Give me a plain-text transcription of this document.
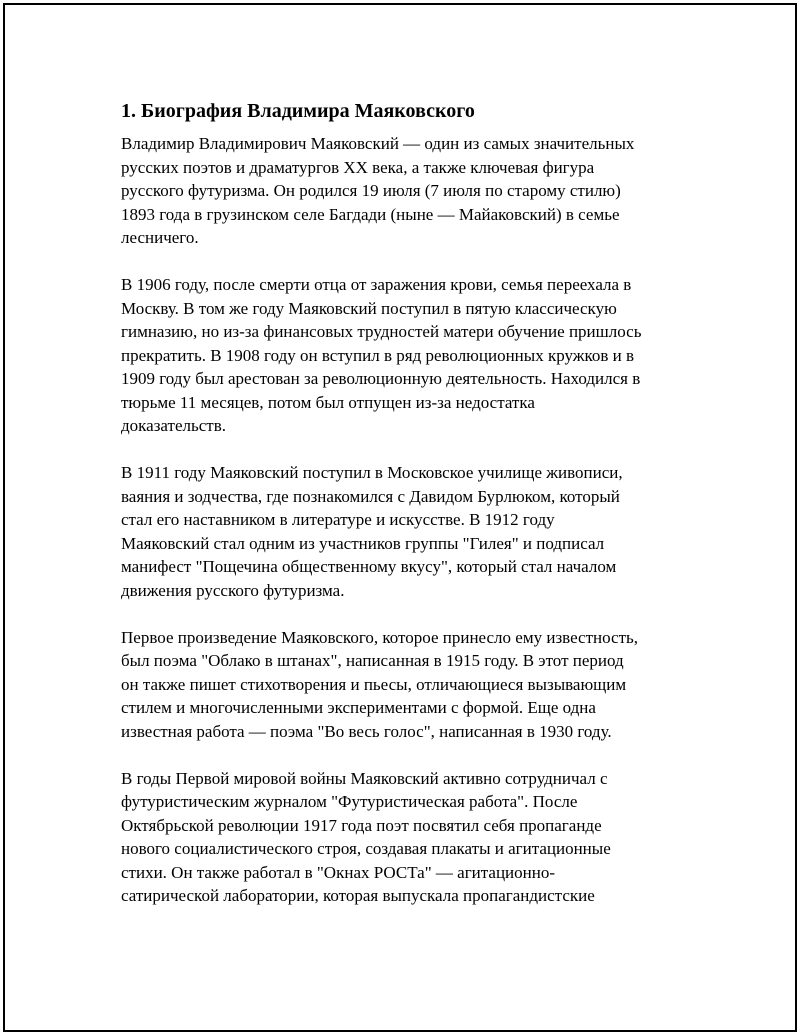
1. Биография Владимира Маяковского

Владимир Владимирович Маяковский — один из самых значительных
русских поэтов и драматургов XX века, а также ключевая фигура
русского футуризма. Он родился 19 июля (7 июля по старому стилю)
1893 года в грузинском селе Багдади (ныне — Майаковский) в семье
лесничего.

В 1906 году, после смерти отца от заражения крови, семья переехала в
Москву. В том же году Маяковский поступил в пятую классическую
гимназию, но из-за финансовых трудностей матери обучение пришлось
прекратить. В 1908 году он вступил в ряд революционных кружков и в
1909 году был арестован за революционную деятельность. Находился в
тюрьме 11 месяцев, потом был отпущен из-за недостатка
доказательств.

В 1911 году Маяковский поступил в Московское училище живописи,
ваяния и зодчества, где познакомился с Давидом Бурлюком, который
стал его наставником в литературе и искусстве. В 1912 году
Маяковский стал одним из участников группы "Гилея" и подписал
манифест "Пощечина общественному вкусу", который стал началом
движения русского футуризма.

Первое произведение Маяковского, которое принесло ему известность,
был поэма "Облако в штанах", написанная в 1915 году. В этот период
он также пишет стихотворения и пьесы, отличающиеся вызывающим
стилем и многочисленными экспериментами с формой. Еще одна
известная работа — поэма "Во весь голос", написанная в 1930 году.

В годы Первой мировой войны Маяковский активно сотрудничал с
футуристическим журналом "Футуристическая работа". После
Октябрьской революции 1917 года поэт посвятил себя пропаганде
нового социалистического строя, создавая плакаты и агитационные
стихи. Он также работал в "Окнах РОСТа" — агитационно-
сатирической лаборатории, которая выпускала пропагандистские
